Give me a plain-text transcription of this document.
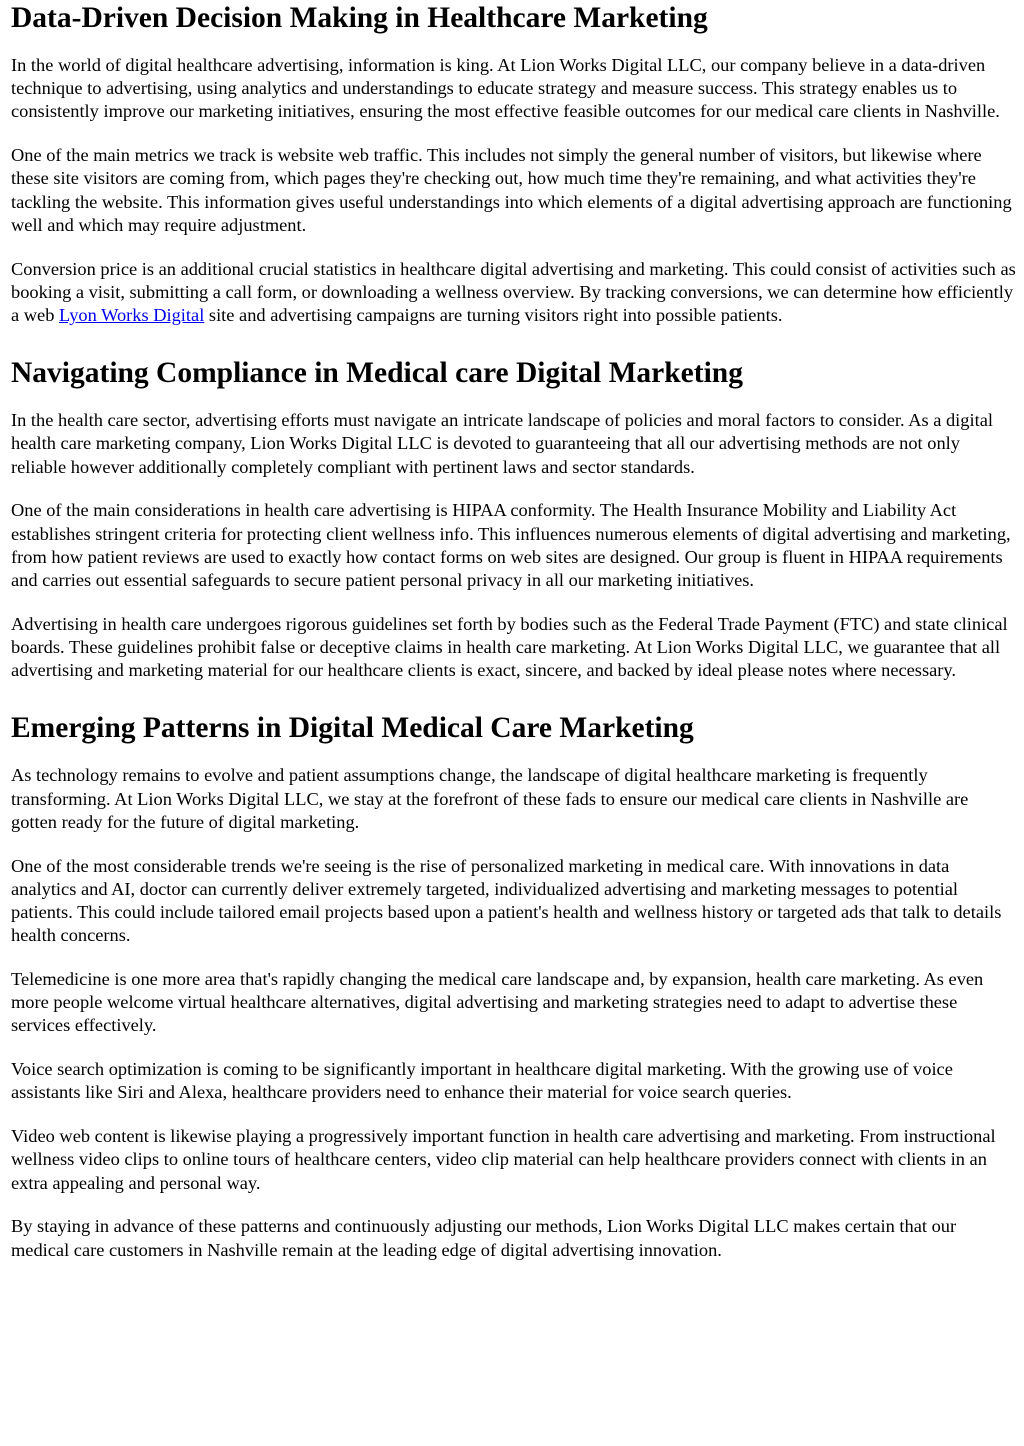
Data-Driven Decision Making in Healthcare Marketing

In the world of digital healthcare advertising, information is king. At Lion Works Digital LLC, our company believe in a data-driven technique to advertising, using analytics and understandings to educate strategy and measure success. This strategy enables us to consistently improve our marketing initiatives, ensuring the most effective feasible outcomes for our medical care clients in Nashville.

One of the main metrics we track is website web traffic. This includes not simply the general number of visitors, but likewise where these site visitors are coming from, which pages they're checking out, how much time they're remaining, and what activities they're tackling the website. This information gives useful understandings into which elements of a digital advertising approach are functioning well and which may require adjustment.

Conversion price is an additional crucial statistics in healthcare digital advertising and marketing. This could consist of activities such as booking a visit, submitting a call form, or downloading a wellness overview. By tracking conversions, we can determine how efficiently a web Lyon Works Digital site and advertising campaigns are turning visitors right into possible patients.

Navigating Compliance in Medical care Digital Marketing

In the health care sector, advertising efforts must navigate an intricate landscape of policies and moral factors to consider. As a digital health care marketing company, Lion Works Digital LLC is devoted to guaranteeing that all our advertising methods are not only reliable however additionally completely compliant with pertinent laws and sector standards.

One of the main considerations in health care advertising is HIPAA conformity. The Health Insurance Mobility and Liability Act establishes stringent criteria for protecting client wellness info. This influences numerous elements of digital advertising and marketing, from how patient reviews are used to exactly how contact forms on web sites are designed. Our group is fluent in HIPAA requirements and carries out essential safeguards to secure patient personal privacy in all our marketing initiatives.

Advertising in health care undergoes rigorous guidelines set forth by bodies such as the Federal Trade Payment (FTC) and state clinical boards. These guidelines prohibit false or deceptive claims in health care marketing. At Lion Works Digital LLC, we guarantee that all advertising and marketing material for our healthcare clients is exact, sincere, and backed by ideal please notes where necessary.

Emerging Patterns in Digital Medical Care Marketing

As technology remains to evolve and patient assumptions change, the landscape of digital healthcare marketing is frequently transforming. At Lion Works Digital LLC, we stay at the forefront of these fads to ensure our medical care clients in Nashville are gotten ready for the future of digital marketing.

One of the most considerable trends we're seeing is the rise of personalized marketing in medical care. With innovations in data analytics and AI, doctor can currently deliver extremely targeted, individualized advertising and marketing messages to potential patients. This could include tailored email projects based upon a patient's health and wellness history or targeted ads that talk to details health concerns.

Telemedicine is one more area that's rapidly changing the medical care landscape and, by expansion, health care marketing. As even more people welcome virtual healthcare alternatives, digital advertising and marketing strategies need to adapt to advertise these services effectively.

Voice search optimization is coming to be significantly important in healthcare digital marketing. With the growing use of voice assistants like Siri and Alexa, healthcare providers need to enhance their material for voice search queries.

Video web content is likewise playing a progressively important function in health care advertising and marketing. From instructional wellness video clips to online tours of healthcare centers, video clip material can help healthcare providers connect with clients in an extra appealing and personal way.

By staying in advance of these patterns and continuously adjusting our methods, Lion Works Digital LLC makes certain that our medical care customers in Nashville remain at the leading edge of digital advertising innovation.
